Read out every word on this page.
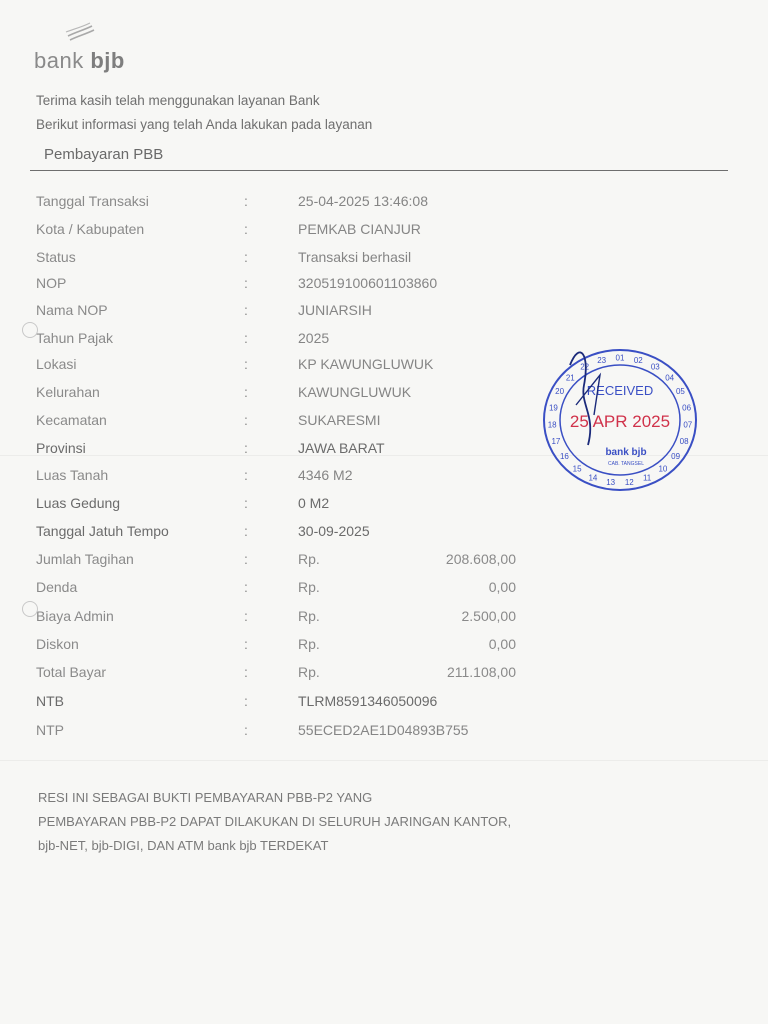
bank bjb
Terima kasih telah menggunakan layanan Bank
Berikut informasi yang telah Anda lakukan pada layanan
Pembayaran PBB
Tanggal Transaksi	:	25-04-2025 13:46:08
Kota / Kabupaten	:	PEMKAB CIANJUR
Status	:	Transaksi berhasil
NOP	:	320519100601103860
Nama NOP	:	JUNIARSIH
Tahun Pajak	:	2025
Lokasi	:	KP KAWUNGLUWUK
Kelurahan	:	KAWUNGLUWUK
Kecamatan	:	SUKARESMI
Provinsi	:	JAWA BARAT
Luas Tanah	:	4346 M2
Luas Gedung	:	0 M2
Tanggal Jatuh Tempo	:	30-09-2025
Jumlah Tagihan	:	Rp.	208.608,00
Denda	:	Rp.	0,00
Biaya Admin	:	Rp.	2.500,00
Diskon	:	Rp.	0,00
Total Bayar	:	Rp.	211.108,00
NTB	:	TLRM8591346050096
NTP	:	55ECED2AE1D04893B755
RESI INI SEBAGAI BUKTI PEMBAYARAN PBB-P2 YANG
PEMBAYARAN PBB-P2 DAPAT DILAKUKAN DI SELURUH JARINGAN KANTOR,
bjb-NET, bjb-DIGI, DAN ATM bank bjb TERDEKAT
01 02
03
04
05
06
07
08
09
10
11
12
13
14
15
16
17
18
19
20
21
22
23
RECEIVED
25 APR 2025
bank bjb
CAB. TANGSEL
